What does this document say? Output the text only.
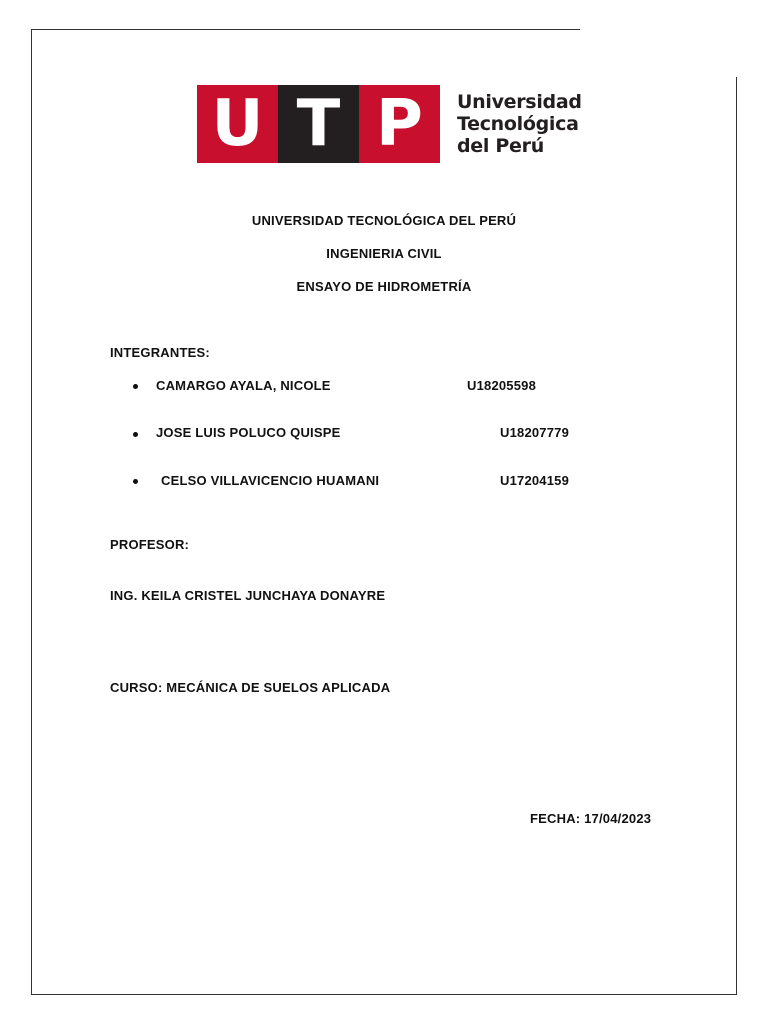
U T P	Universidad
Tecnológica
del Perú
UNIVERSIDAD TECNOLÓGICA DEL PERÚ
INGENIERIA CIVIL
ENSAYO DE HIDROMETRÍA
INTEGRANTES:
CAMARGO AYALA, NICOLE	U18205598
JOSE LUIS POLUCO QUISPE	U18207779
CELSO VILLAVICENCIO HUAMANI	U17204159
PROFESOR:
ING. KEILA CRISTEL JUNCHAYA DONAYRE
CURSO: MECÁNICA DE SUELOS APLICADA
FECHA: 17/04/2023
